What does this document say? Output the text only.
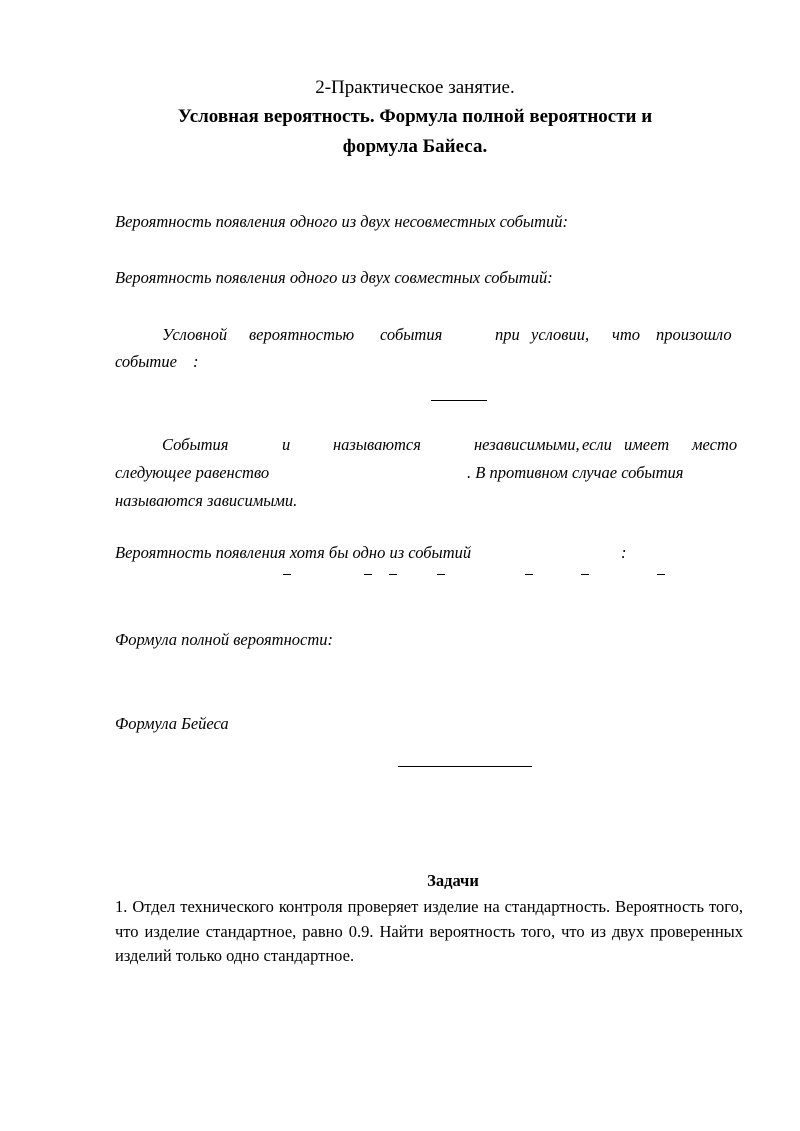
2-Практическое занятие.
Условная вероятность. Формула полной вероятности и
формула Байеса.
Вероятность появления одного из двух несовместных событий:
Вероятность появления одного из двух совместных событий:
Условной вероятностью события	при условии, что произошло
событие :
События	и	называются	независимыми, если имеет место
следующее равенство	. В противном случае события
называются зависимыми.
Вероятность появления хотя бы одно из событий	:
Формула полной вероятности:
Формула Бейеса
Задачи
1. Отдел технического контроля проверяет изделие на стандартность. Вероятность того, что изделие стандартное, равно 0.9. Найти вероятность того, что из двух проверенных изделий только одно стандартное.
